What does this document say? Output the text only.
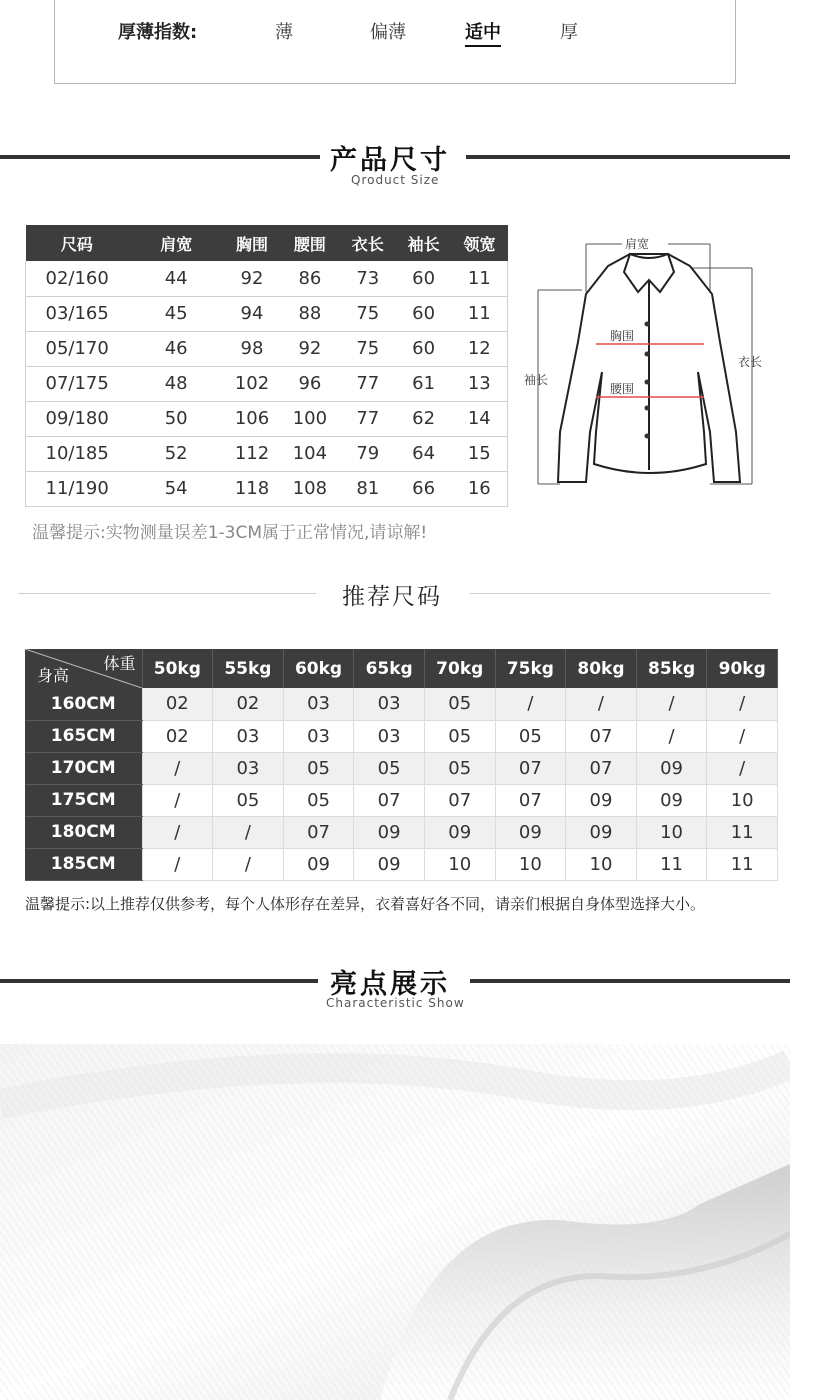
厚薄指数:	薄	偏薄	适中	厚
产品尺寸
Qroduct Size
尺码	肩宽	胸围	腰围	衣长	袖长	领宽
02/160	44	92	86	73	60	11
03/165	45	94	88	75	60	11
05/170	46	98	92	75	60	12
07/175	48	102	96	77	61	13
09/180	50	106	100	77	62	14
10/185	52	112	104	79	64	15
11/190	54	118	108	81	66	16
肩宽
胸围
腰围
袖长
衣长
温馨提示:实物测量误差1-3CM属于正常情况,请谅解!
推荐尺码
体重
身高	50kg	55kg	60kg	65kg	70kg	75kg	80kg	85kg	90kg
160CM	02	02	03	03	05	/	/	/	/
165CM	02	03	03	03	05	05	07	/	/
170CM	/	03	05	05	05	07	07	09	/
175CM	/	05	05	07	07	07	09	09	10
180CM	/	/	07	09	09	09	09	10	11
185CM	/	/	09	09	10	10	10	11	11
温馨提示:以上推荐仅供参考，每个人体形存在差异，衣着喜好各不同，请亲们根据自身体型选择大小。
亮点展示
Characteristic Show
